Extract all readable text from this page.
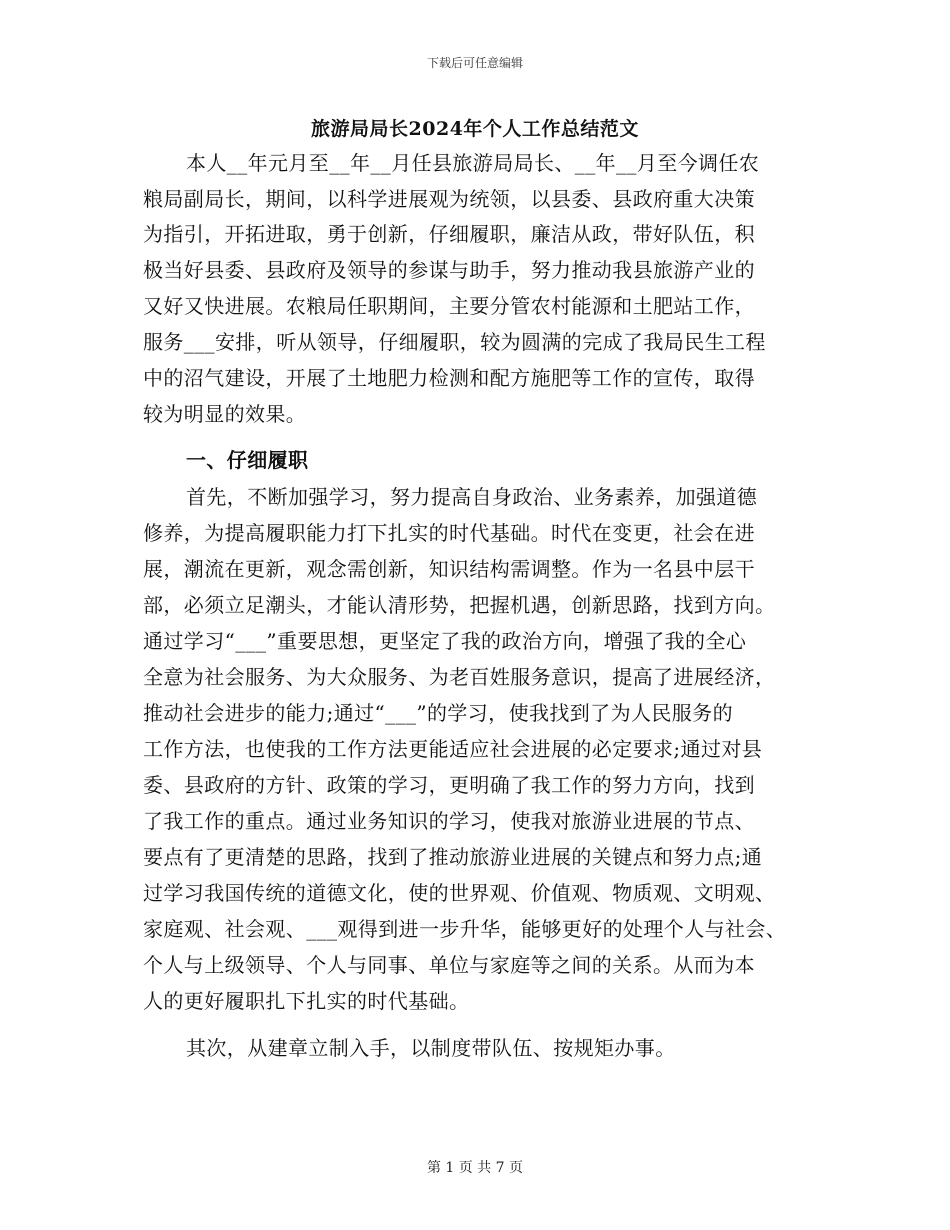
下载后可任意编辑
旅游局局长2024年个人工作总结范文
本人__年元月至__年__月任县旅游局局长、__年__月至今调任农
粮局副局长，期间，以科学进展观为统领，以县委、县政府重大决策
为指引，开拓进取，勇于创新，仔细履职，廉洁从政，带好队伍，积
极当好县委、县政府及领导的参谋与助手，努力推动我县旅游产业的
又好又快进展。农粮局任职期间，主要分管农村能源和土肥站工作，
服务___安排，听从领导，仔细履职，较为圆满的完成了我局民生工程
中的沼气建设，开展了土地肥力检测和配方施肥等工作的宣传，取得
较为明显的效果。
一、仔细履职
首先，不断加强学习，努力提高自身政治、业务素养，加强道德
修养，为提高履职能力打下扎实的时代基础。时代在变更，社会在进
展，潮流在更新，观念需创新，知识结构需调整。作为一名县中层干
部，必须立足潮头，才能认清形势，把握机遇，创新思路，找到方向。
通过学习“___”重要思想，更坚定了我的政治方向，增强了我的全心
全意为社会服务、为大众服务、为老百姓服务意识，提高了进展经济，
推动社会进步的能力;通过“___”的学习，使我找到了为人民服务的
工作方法，也使我的工作方法更能适应社会进展的必定要求;通过对县
委、县政府的方针、政策的学习，更明确了我工作的努力方向，找到
了我工作的重点。通过业务知识的学习，使我对旅游业进展的节点、
要点有了更清楚的思路，找到了推动旅游业进展的关键点和努力点;通
过学习我国传统的道德文化，使的世界观、价值观、物质观、文明观、
家庭观、社会观、___观得到进一步升华，能够更好的处理个人与社会、
个人与上级领导、个人与同事、单位与家庭等之间的关系。从而为本
人的更好履职扎下扎实的时代基础。
其次，从建章立制入手，以制度带队伍、按规矩办事。
第 1 页 共 7 页
